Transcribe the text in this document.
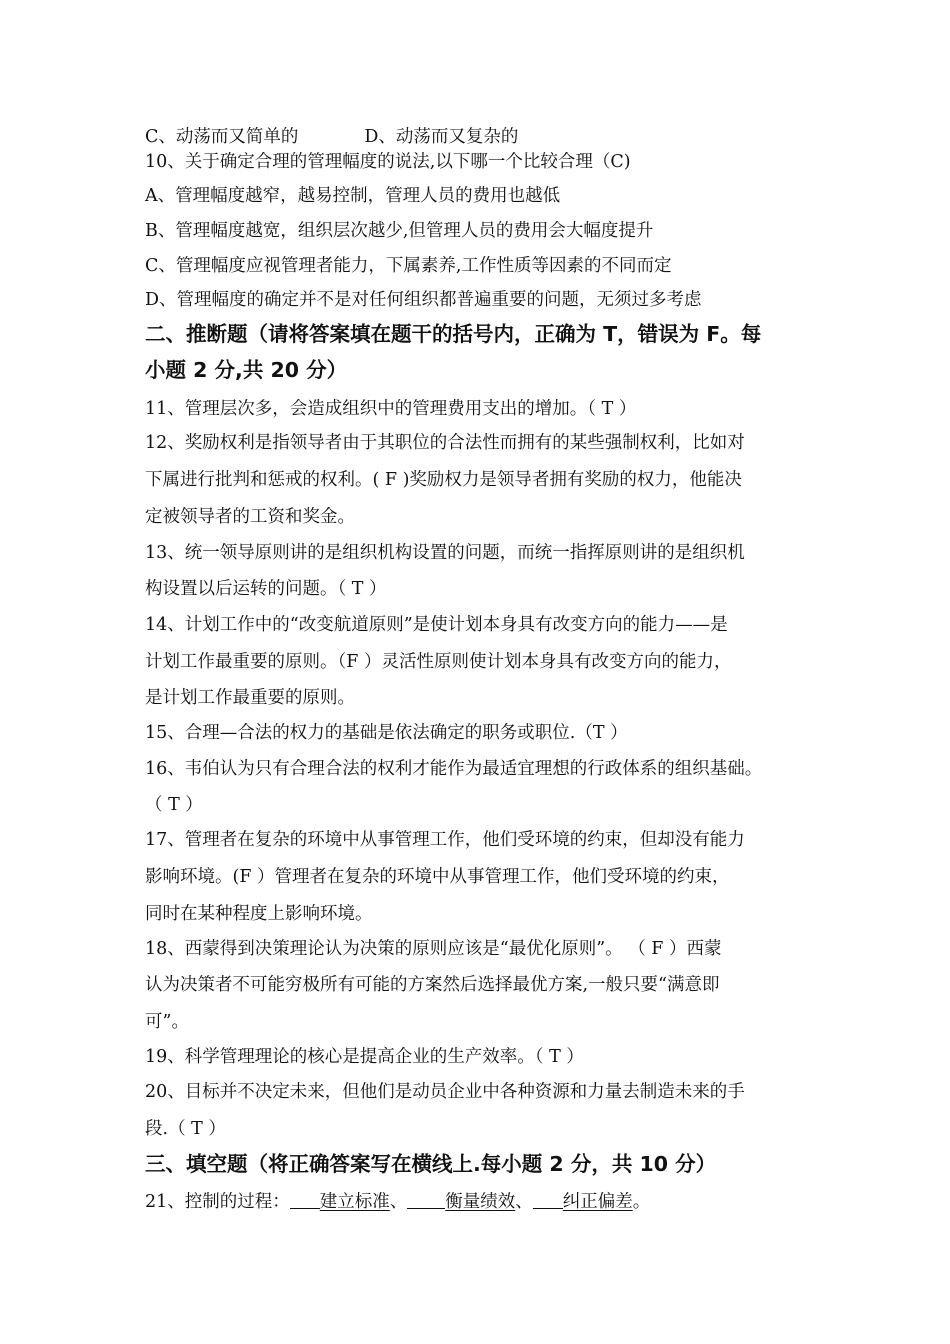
C、动荡而又简单的	D、动荡而又复杂的
10、关于确定合理的管理幅度的说法,以下哪一个比较合理（C)
A、管理幅度越窄，越易控制，管理人员的费用也越低
B、管理幅度越宽，组织层次越少,但管理人员的费用会大幅度提升
C、管理幅度应视管理者能力，下属素养,工作性质等因素的不同而定
D、管理幅度的确定并不是对任何组织都普遍重要的问题，无须过多考虑
二、推断题（请将答案填在题干的括号内，正确为 T，错误为 F。每
小题 2 分,共 20 分）
11、管理层次多，会造成组织中的管理费用支出的增加。（ T ）
12、奖励权利是指领导者由于其职位的合法性而拥有的某些强制权利，比如对
下属进行批判和惩戒的权利。( F )奖励权力是领导者拥有奖励的权力，他能决
定被领导者的工资和奖金。
13、统一领导原则讲的是组织机构设置的问题，而统一指挥原则讲的是组织机
构设置以后运转的问题。（ T ）
14、计划工作中的“改变航道原则”是使计划本身具有改变方向的能力——是
计划工作最重要的原则。（F ）灵活性原则使计划本身具有改变方向的能力，
是计划工作最重要的原则。
15、合理—合法的权力的基础是依法确定的职务或职位.（T ）
16、韦伯认为只有合理合法的权利才能作为最适宜理想的行政体系的组织基础。
（ T ）
17、管理者在复杂的环境中从事管理工作，他们受环境的约束，但却没有能力
影响环境。(F ）管理者在复杂的环境中从事管理工作，他们受环境的约束，
同时在某种程度上影响环境。
18、西蒙得到决策理论认为决策的原则应该是“最优化原则”。 （ F ）西蒙
认为决策者不可能穷极所有可能的方案然后选择最优方案,一般只要“满意即
可”。
19、科学管理理论的核心是提高企业的生产效率。（ T ）
20、目标并不决定未来，但他们是动员企业中各种资源和力量去制造未来的手
段.（ T ）
三、填空题（将正确答案写在横线上.每小题 2 分，共 10 分）
21、控制的过程： 建立标准、 衡量绩效、 纠正偏差。
